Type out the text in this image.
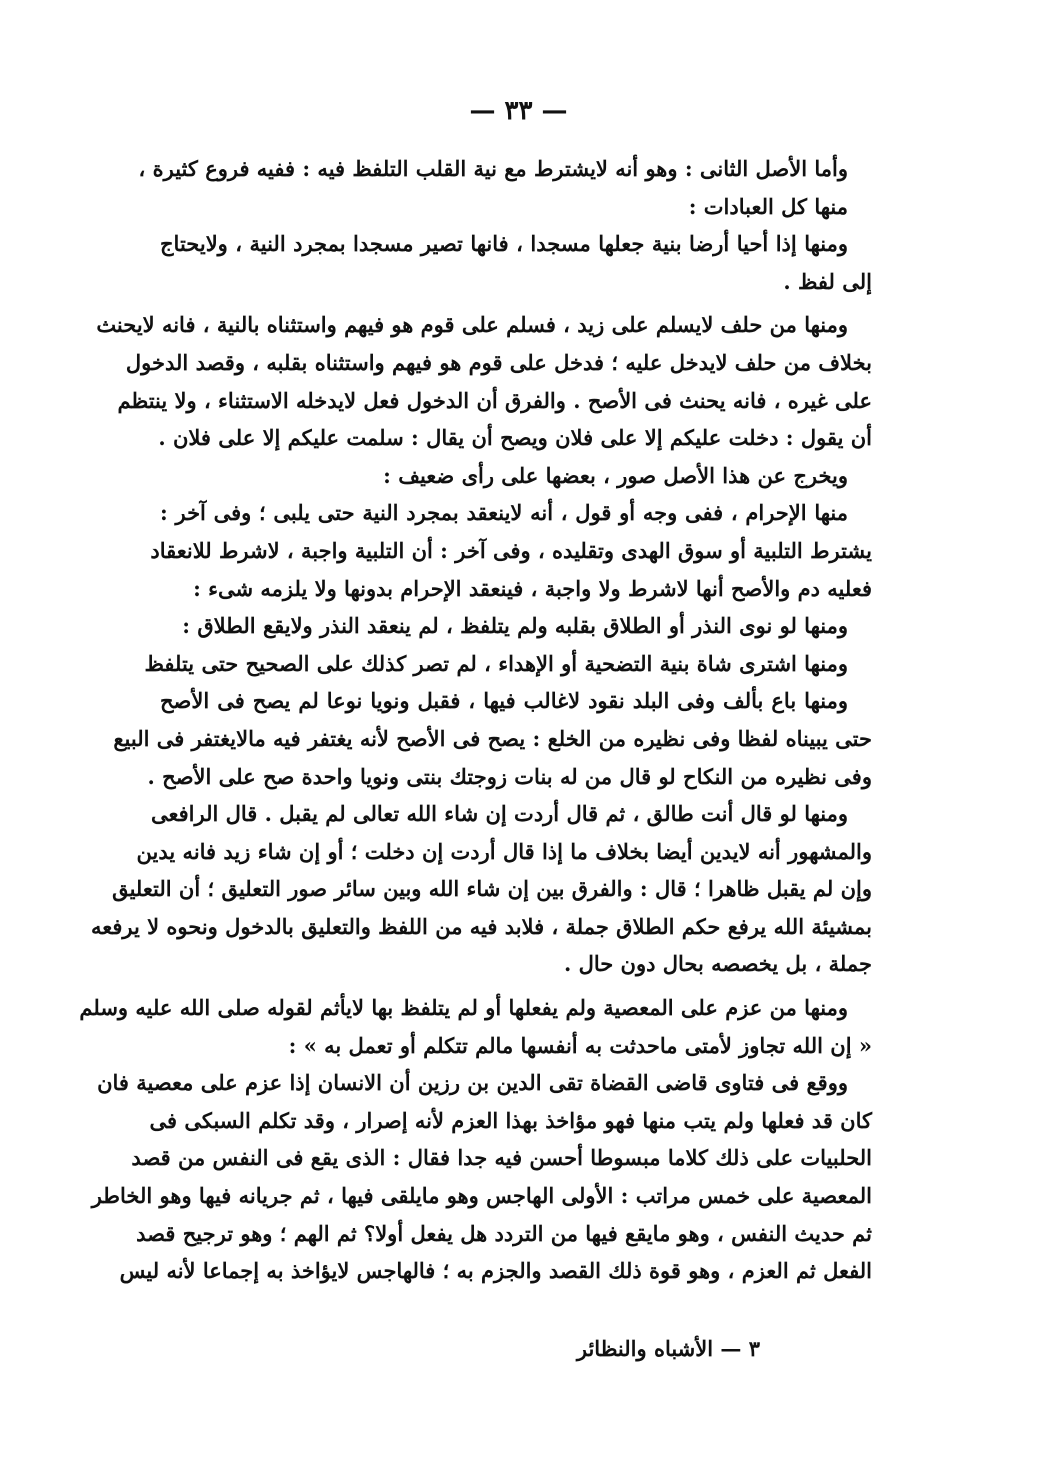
— ٣٣ —
وأما الأصل الثانى : وهو أنه لايشترط مع نية القلب التلفظ فيه : ففيه فروع كثيرة ،
منها كل العبادات :
ومنها إذا أحيا أرضا بنية جعلها مسجدا ، فانها تصير مسجدا بمجرد النية ، ولايحتاج
إلى لفظ .
ومنها من حلف لايسلم على زيد ، فسلم على قوم هو فيهم واستثناه بالنية ، فانه لايحنث
بخلاف من حلف لايدخل عليه ؛ فدخل على قوم هو فيهم واستثناه بقلبه ، وقصد الدخول
على غيره ، فانه يحنث فى الأصح . والفرق أن الدخول فعل لايدخله الاستثناء ، ولا ينتظم
أن يقول : دخلت عليكم إلا على فلان ويصح أن يقال : سلمت عليكم إلا على فلان .
ويخرج عن هذا الأصل صور ، بعضها على رأى ضعيف :
منها الإحرام ، ففى وجه أو قول ، أنه لاينعقد بمجرد النية حتى يلبى ؛ وفى آخر :
يشترط التلبية أو سوق الهدى وتقليده ، وفى آخر : أن التلبية واجبة ، لاشرط للانعقاد
فعليه دم والأصح أنها لاشرط ولا واجبة ، فينعقد الإحرام بدونها ولا يلزمه شىء :
ومنها لو نوى النذر أو الطلاق بقلبه ولم يتلفظ ، لم ينعقد النذر ولايقع الطلاق :
ومنها اشترى شاة بنية التضحية أو الإهداء ، لم تصر كذلك على الصحيح حتى يتلفظ
ومنها باع بألف وفى البلد نقود لاغالب فيها ، فقبل ونويا نوعا لم يصح فى الأصح
حتى يبيناه لفظا وفى نظيره من الخلع : يصح فى الأصح لأنه يغتفر فيه مالايغتفر فى البيع
وفى نظيره من النكاح لو قال من له بنات زوجتك بنتى ونويا واحدة صح على الأصح .
ومنها لو قال أنت طالق ، ثم قال أردت إن شاء الله تعالى لم يقبل . قال الرافعى
والمشهور أنه لايدين أيضا بخلاف ما إذا قال أردت إن دخلت ؛ أو إن شاء زيد فانه يدين
وإن لم يقبل ظاهرا ؛ قال : والفرق بين إن شاء الله وبين سائر صور التعليق ؛ أن التعليق
بمشيئة الله يرفع حكم الطلاق جملة ، فلابد فيه من اللفظ والتعليق بالدخول ونحوه لا يرفعه
جملة ، بل يخصصه بحال دون حال .
ومنها من عزم على المعصية ولم يفعلها أو لم يتلفظ بها لايأثم لقوله صلى الله عليه وسلم
« إن الله تجاوز لأمتى ماحدثت به أنفسها مالم تتكلم أو تعمل به » :
ووقع فى فتاوى قاضى القضاة تقى الدين بن رزين أن الانسان إذا عزم على معصية فان
كان قد فعلها ولم يتب منها فهو مؤاخذ بهذا العزم لأنه إصرار ، وقد تكلم السبكى فى
الحلبيات على ذلك كلاما مبسوطا أحسن فيه جدا فقال : الذى يقع فى النفس من قصد
المعصية على خمس مراتب : الأولى الهاجس وهو مايلقى فيها ، ثم جريانه فيها وهو الخاطر
ثم حديث النفس ، وهو مايقع فيها من التردد هل يفعل أولا؟ ثم الهم ؛ وهو ترجيح قصد
الفعل ثم العزم ، وهو قوة ذلك القصد والجزم به ؛ فالهاجس لايؤاخذ به إجماعا لأنه ليس
٣ — الأشباه والنظائر
